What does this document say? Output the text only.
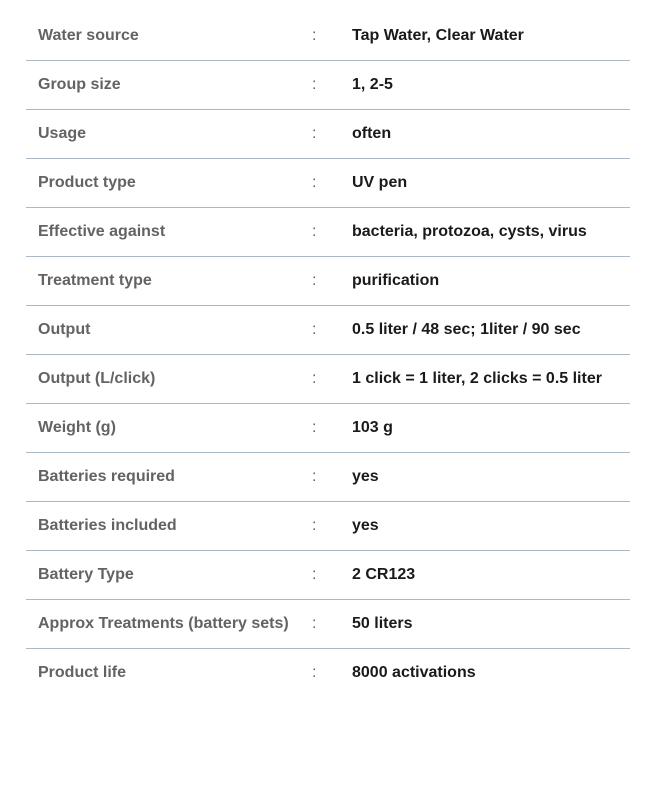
Water source	:	Tap Water, Clear Water
Group size	:	1, 2-5
Usage	:	often
Product type	:	UV pen
Effective against	:	bacteria, protozoa, cysts, virus
Treatment type	:	purification
Output	:	0.5 liter / 48 sec; 1liter / 90 sec
Output (L/click)	:	1 click = 1 liter, 2 clicks = 0.5 liter
Weight (g)	:	103 g
Batteries required	:	yes
Batteries included	:	yes
Battery Type	:	2 CR123
Approx Treatments (battery sets)	:	50 liters
Product life	:	8000 activations
